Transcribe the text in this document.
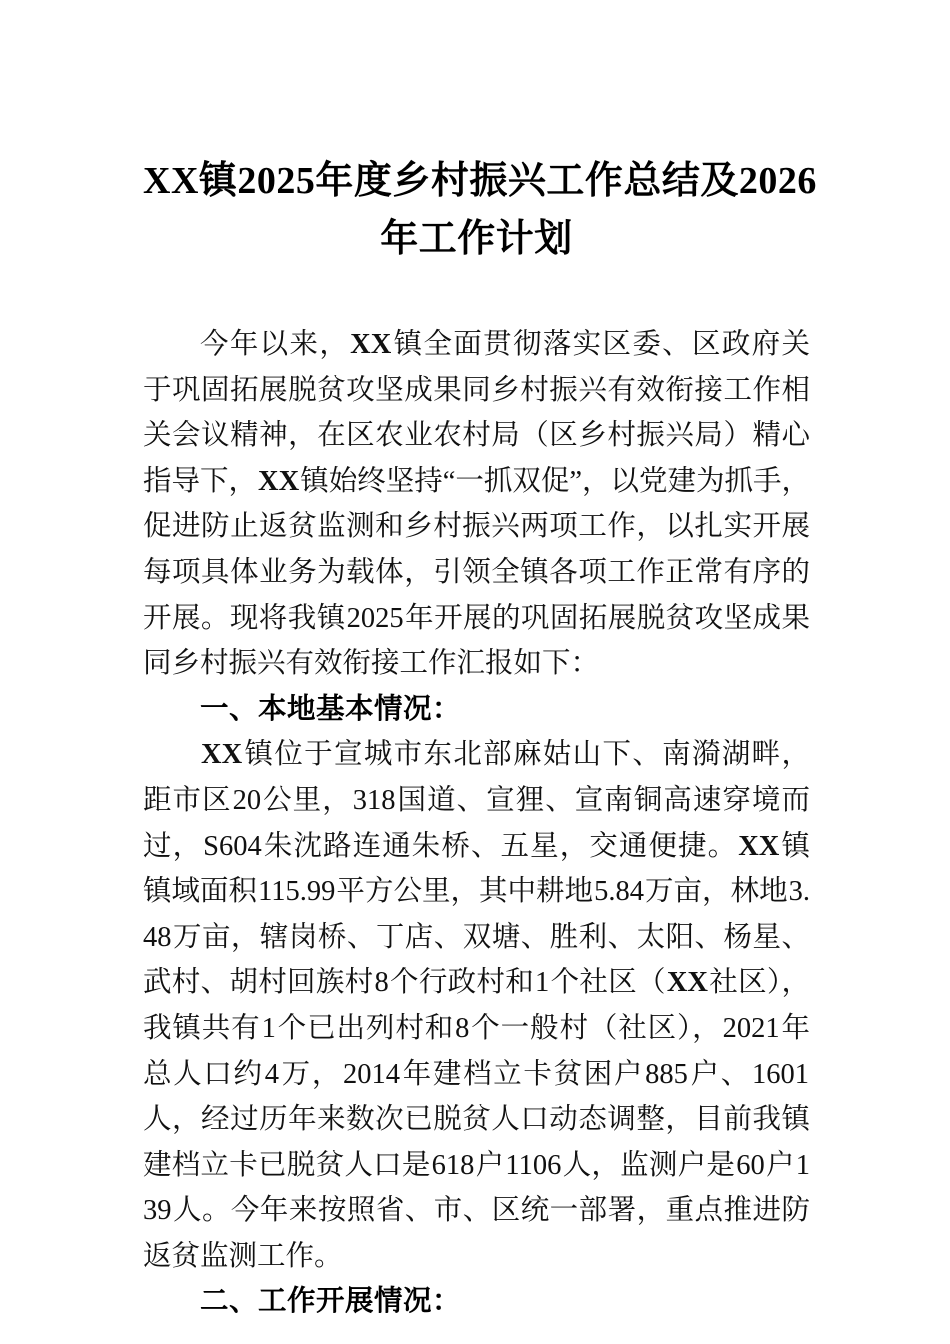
XX镇2025年度乡村振兴工作总结及2026
年工作计划

今年以来，XX镇全面贯彻落实区委、区政府关于巩固拓展脱贫攻坚成果同乡村振兴有效衔接工作相关会议精神，在区农业农村局（区乡村振兴局）精心指导下，XX镇始终坚持“一抓双促”，以党建为抓手，促进防止返贫监测和乡村振兴两项工作，以扎实开展每项具体业务为载体，引领全镇各项工作正常有序的开展。现将我镇2025年开展的巩固拓展脱贫攻坚成果同乡村振兴有效衔接工作汇报如下：

一、本地基本情况：

XX镇位于宣城市东北部麻姑山下、南漪湖畔，距市区20公里，318国道、宣狸、宣南铜高速穿境而过，S604朱沈路连通朱桥、五星，交通便捷。XX镇镇域面积115.99平方公里，其中耕地5.84万亩，林地3.48万亩，辖岗桥、丁店、双塘、胜利、太阳、杨星、武村、胡村回族村8个行政村和1个社区（XX社区），我镇共有1个已出列村和8个一般村（社区），2021年总人口约4万，2014年建档立卡贫困户885户、1601人，经过历年来数次已脱贫人口动态调整，目前我镇建档立卡已脱贫人口是618户1106人，监测户是60户139人。今年来按照省、市、区统一部署，重点推进防返贫监测工作。

二、工作开展情况：
